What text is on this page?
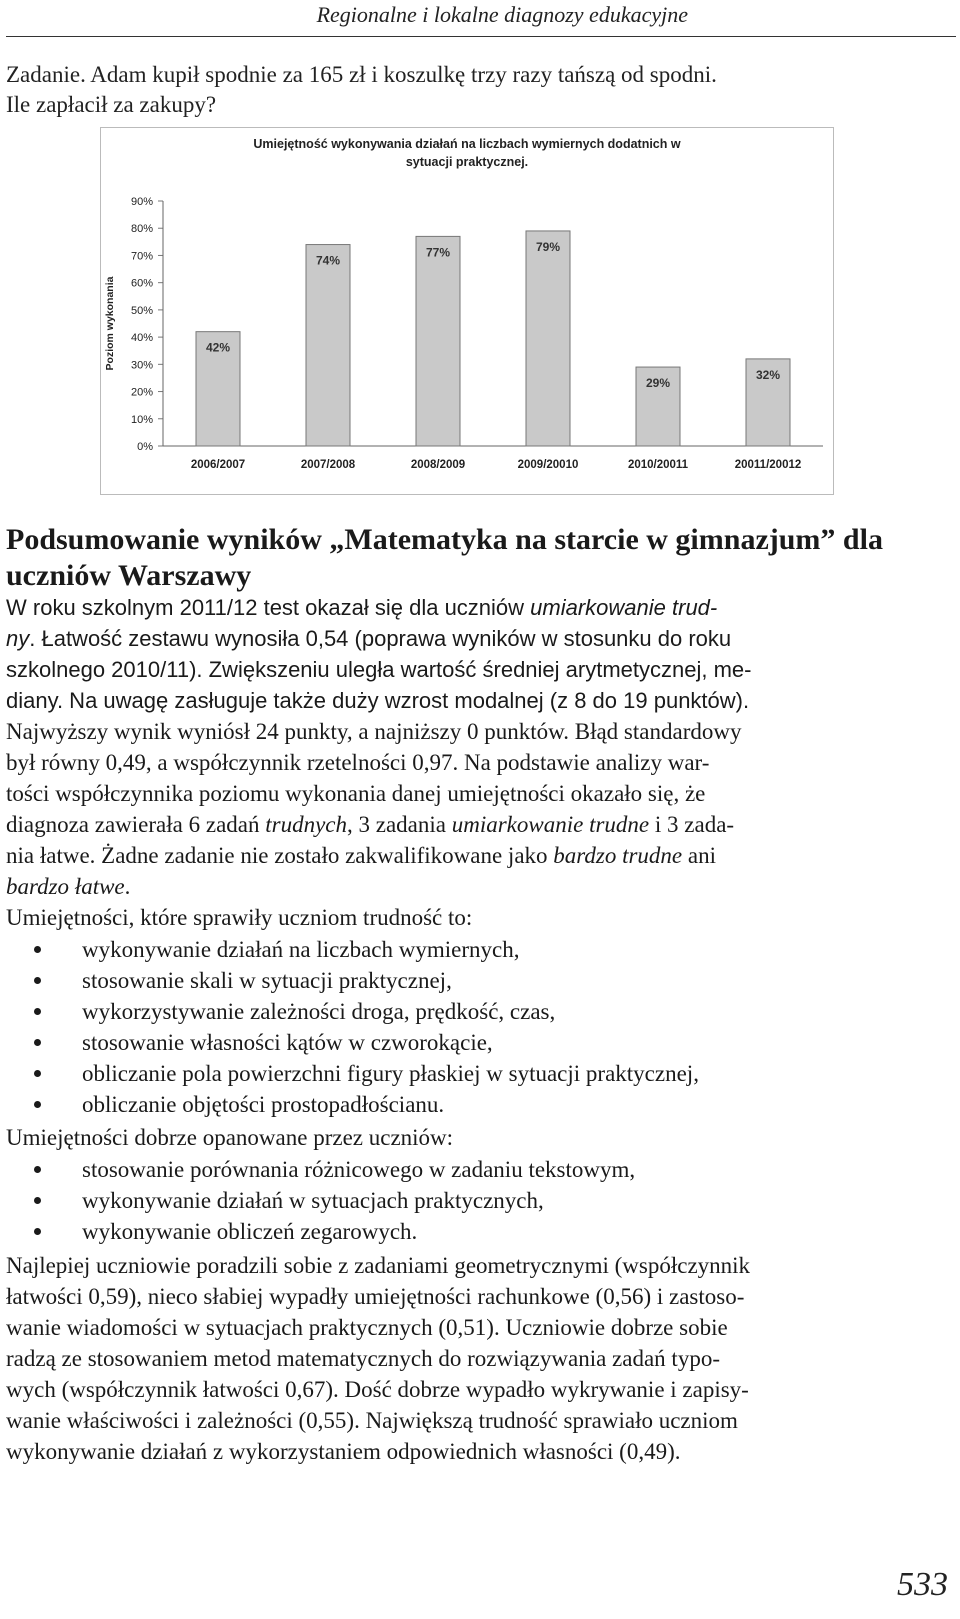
Regionalne i lokalne diagnozy edukacyjne
Zadanie. Adam kupił spodnie za 165 zł i koszulkę trzy razy tańszą od spodni.
Ile zapłacił za zakupy?
Umiejętność wykonywania działań na liczbach wymiernych dodatnich w
sytuacji praktycznej.
Poziom wykonania
0%
10%
20%
30%
40%
50%
60%
70%
80%
90%
42%
2006/2007
74%
2007/2008
77%
2008/2009
79%
2009/20010
29%
2010/20011
32%
20011/20012
Podsumowanie wyników „Matematyka na starcie w gimnazjum” dla
uczniów Warszawy
W roku szkolnym 2011/12 test okazał się dla uczniów umiarkowanie trud-
ny. Łatwość zestawu wynosiła 0,54 (poprawa wyników w stosunku do roku
szkolnego 2010/11). Zwiększeniu uległa wartość średniej arytmetycznej, me-
diany. Na uwagę zasługuje także duży wzrost modalnej (z 8 do 19 punktów).
Najwyższy wynik wyniósł 24 punkty, a najniższy 0 punktów. Błąd standardowy
był równy 0,49, a współczynnik rzetelności 0,97. Na podstawie analizy war-
tości współczynnika poziomu wykonania danej umiejętności okazało się, że
diagnoza zawierała 6 zadań trudnych, 3 zadania umiarkowanie trudne i 3 zada-
nia łatwe. Żadne zadanie nie zostało zakwalifikowane jako bardzo trudne ani
bardzo łatwe.
Umiejętności, które sprawiły uczniom trudność to:
wykonywanie działań na liczbach wymiernych,
stosowanie skali w sytuacji praktycznej,
wykorzystywanie zależności droga, prędkość, czas,
stosowanie własności kątów w czworokącie,
obliczanie pola powierzchni figury płaskiej w sytuacji praktycznej,
obliczanie objętości prostopadłościanu.
Umiejętności dobrze opanowane przez uczniów:
stosowanie porównania różnicowego w zadaniu tekstowym,
wykonywanie działań w sytuacjach praktycznych,
wykonywanie obliczeń zegarowych.
Najlepiej uczniowie poradzili sobie z zadaniami geometrycznymi (współczynnik
łatwości 0,59), nieco słabiej wypadły umiejętności rachunkowe (0,56) i zastoso-
wanie wiadomości w sytuacjach praktycznych (0,51). Uczniowie dobrze sobie
radzą ze stosowaniem metod matematycznych do rozwiązywania zadań typo-
wych (współczynnik łatwości 0,67). Dość dobrze wypadło wykrywanie i zapisy-
wanie właściwości i zależności (0,55). Największą trudność sprawiało uczniom
wykonywanie działań z wykorzystaniem odpowiednich własności (0,49).
533
